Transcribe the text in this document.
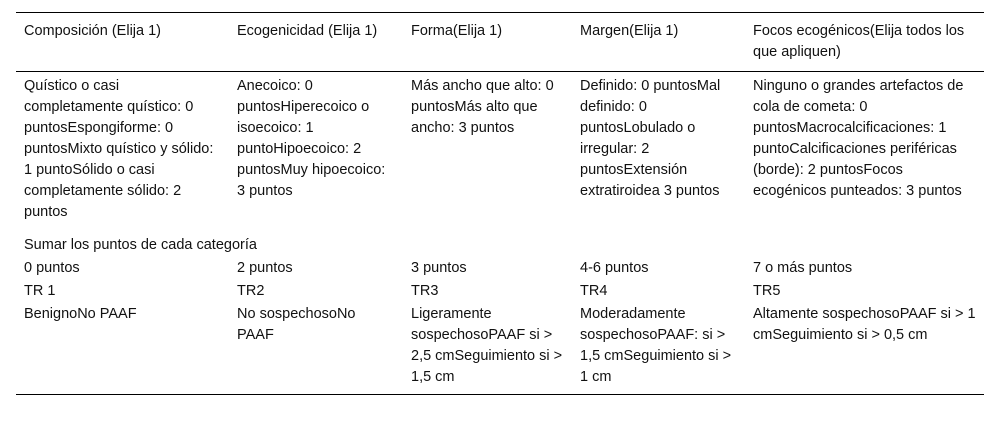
Composición (Elija 1)	Ecogenicidad (Elija 1)	Forma(Elija 1)	Margen(Elija 1)	Focos ecogénicos(Elija todos los que apliquen)
Quístico o casi completamente quístico: 0 puntosEspongiforme: 0 puntosMixto quístico y sólido: 1 puntoSólido o casi completamente sólido: 2 puntos	Anecoico: 0 puntosHiperecoico o isoecoico: 1 puntoHipoecoico: 2 puntosMuy hipoecoico: 3 puntos	Más ancho que alto: 0 puntosMás alto que ancho: 3 puntos	Definido: 0 puntosMal definido: 0 puntosLobulado o irregular: 2 puntosExtensión extratiroidea 3 puntos	Ninguno o grandes artefactos de cola de cometa: 0 puntosMacrocalcificaciones: 1 puntoCalcificaciones periféricas (borde): 2 puntosFocos ecogénicos punteados: 3 puntos
Sumar los puntos de cada categoría				
0 puntos	2 puntos	3 puntos	4-6 puntos	7 o más puntos
TR 1	TR2	TR3	TR4	TR5
BenignoNo PAAF	No sospechosoNo PAAF	Ligeramente sospechosoPAAF si > 2,5 cmSeguimiento si > 1,5 cm	Moderadamente sospechosoPAAF: si > 1,5 cmSeguimiento si > 1 cm	Altamente sospechosoPAAF si > 1 cmSeguimiento si > 0,5 cm
